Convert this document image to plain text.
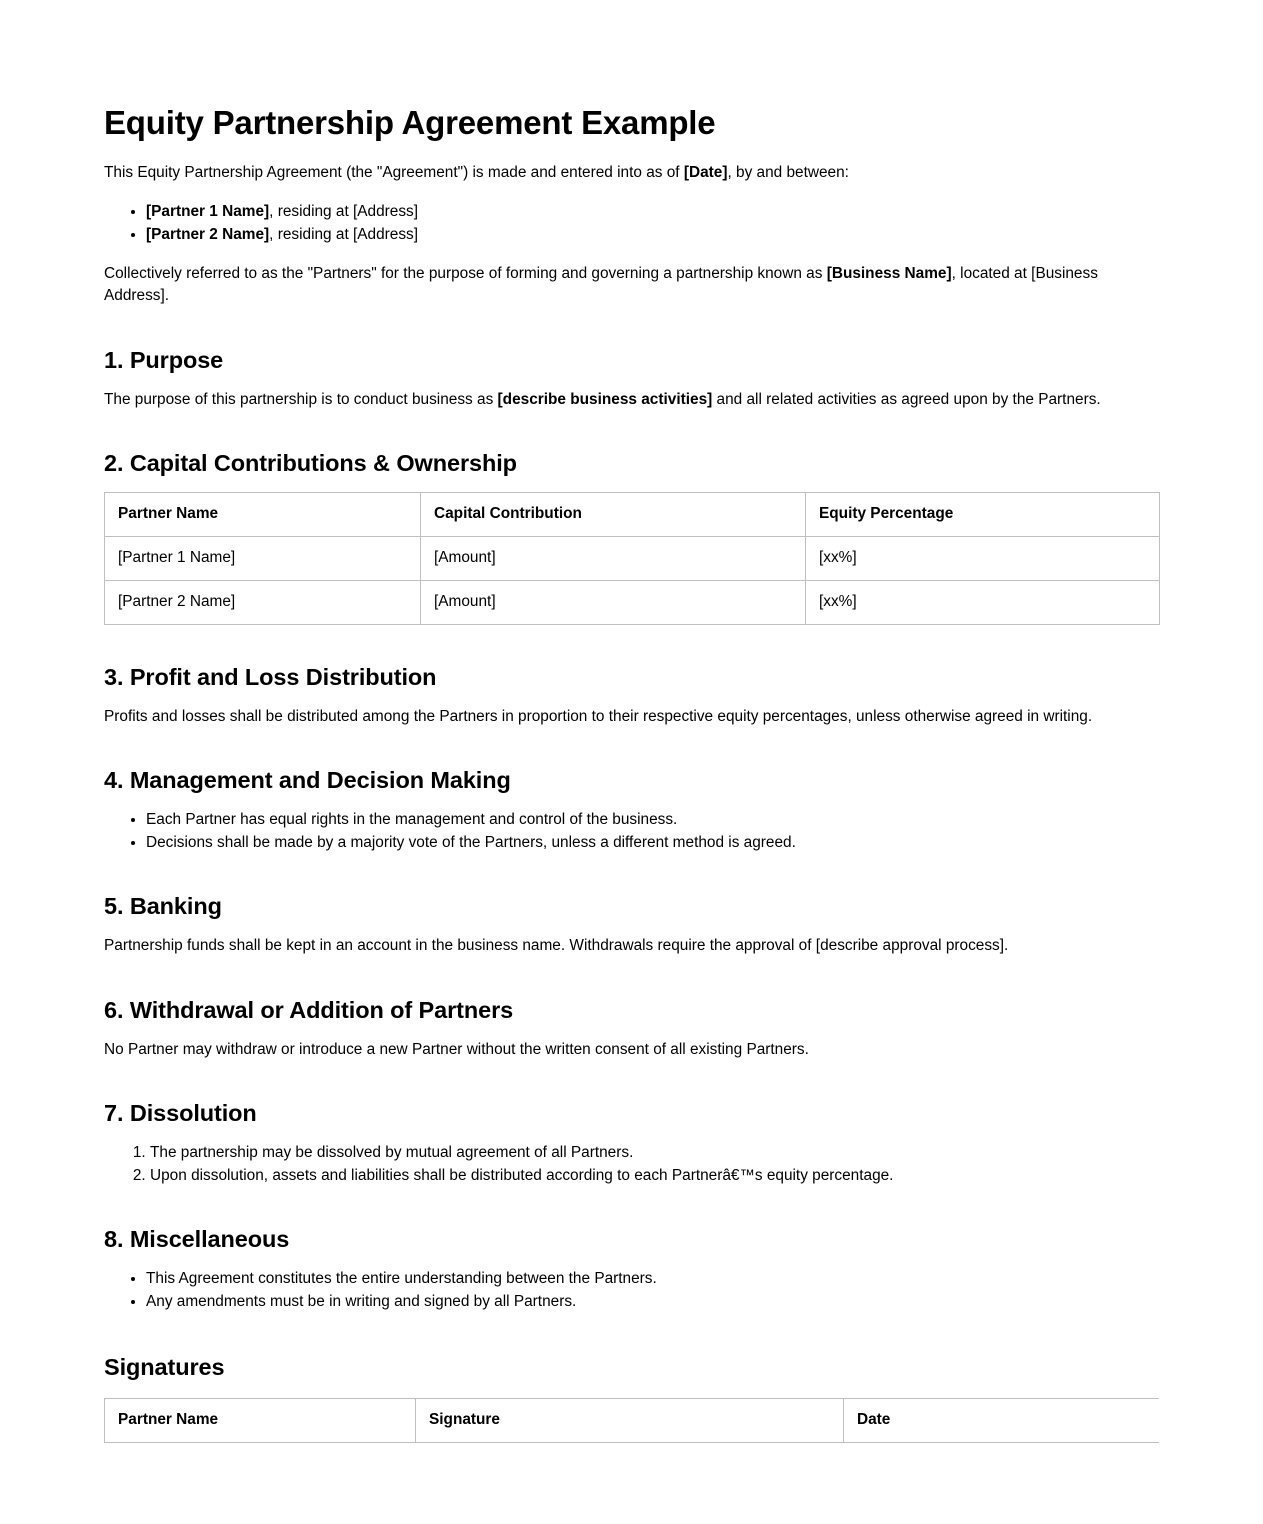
Equity Partnership Agreement Example

This Equity Partnership Agreement (the "Agreement") is made and entered into as of [Date], by and between:

• [Partner 1 Name], residing at [Address]
• [Partner 2 Name], residing at [Address]

Collectively referred to as the "Partners" for the purpose of forming and governing a partnership known as [Business Name], located at [Business Address].

1. Purpose

The purpose of this partnership is to conduct business as [describe business activities] and all related activities as agreed upon by the Partners.

2. Capital Contributions & Ownership
Partner Name	Capital Contribution	Equity Percentage
[Partner 1 Name]	[Amount]	[xx%]
[Partner 2 Name]	[Amount]	[xx%]
3. Profit and Loss Distribution

Profits and losses shall be distributed among the Partners in proportion to their respective equity percentages, unless otherwise agreed in writing.

4. Management and Decision Making
• Each Partner has equal rights in the management and control of the business.
• Decisions shall be made by a majority vote of the Partners, unless a different method is agreed.
5. Banking

Partnership funds shall be kept in an account in the business name. Withdrawals require the approval of [describe approval process].

6. Withdrawal or Addition of Partners

No Partner may withdraw or introduce a new Partner without the written consent of all existing Partners.

7. Dissolution
1. The partnership may be dissolved by mutual agreement of all Partners.
2. Upon dissolution, assets and liabilities shall be distributed according to each Partnerâ€™s equity percentage.
8. Miscellaneous
• This Agreement constitutes the entire understanding between the Partners.
• Any amendments must be in writing and signed by all Partners.
Signatures
Partner Name	Signature	Date
